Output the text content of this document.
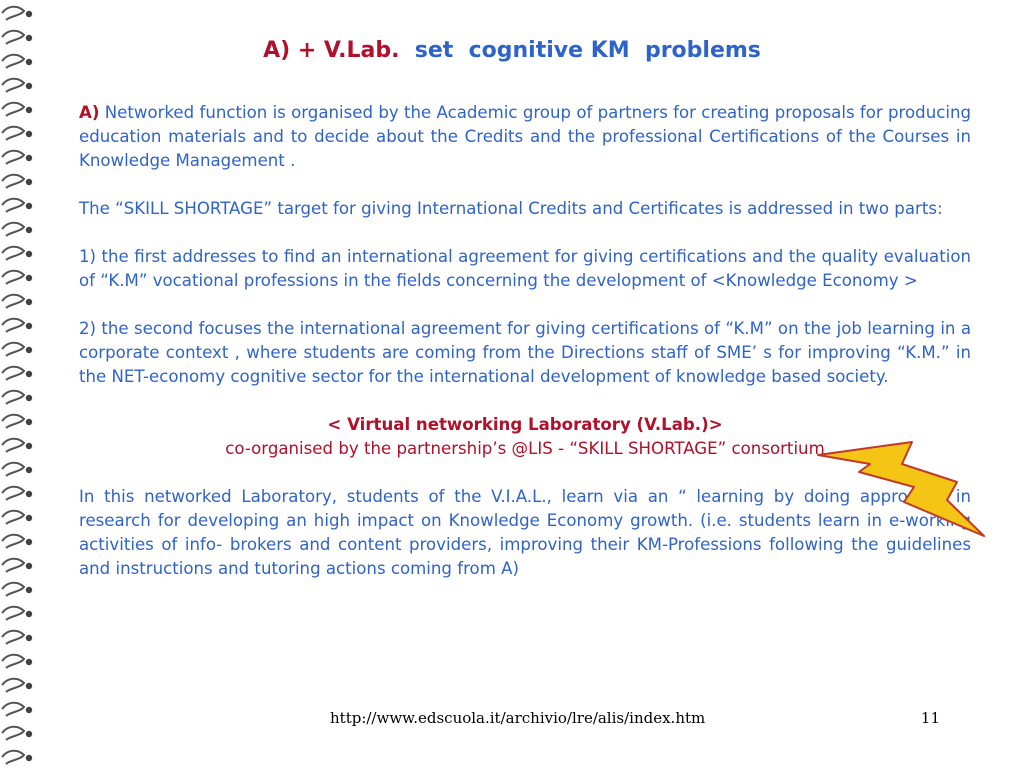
A) + V.Lab. set  cognitive KM  problems

A) Networked function is organised by the Academic group of partners for creating proposals for producing education materials and to decide about the Credits and the professional Certifications of the Courses in Knowledge Management .

The “SKILL SHORTAGE” target for giving International Credits and Certificates is addressed in two parts:

1) the first addresses to find an international agreement for giving certifications and the quality evaluation of “K.M” vocational professions in the fields concerning the development of <Knowledge Economy >

2) the second focuses the international agreement for giving certifications of “K.M” on the job learning in a corporate context , where students are coming from the Directions staff of SME’ s for improving “K.M.” in the NET-economy cognitive sector for the international development of knowledge based society.

< Virtual networking Laboratory (V.Lab.)>
co-organised by the partnership’s @LIS - “SKILL SHORTAGE” consortium

In this networked Laboratory, students of the V.I.A.L., learn via an “ learning by doing approach” in research for developing an high impact on Knowledge Economy growth. (i.e. students learn in e-working activities of info- brokers and content providers, improving their KM-Professions following the guidelines and instructions and tutoring actions coming from A)

http://www.edscuola.it/archivio/lre/alis/index.htm	11
